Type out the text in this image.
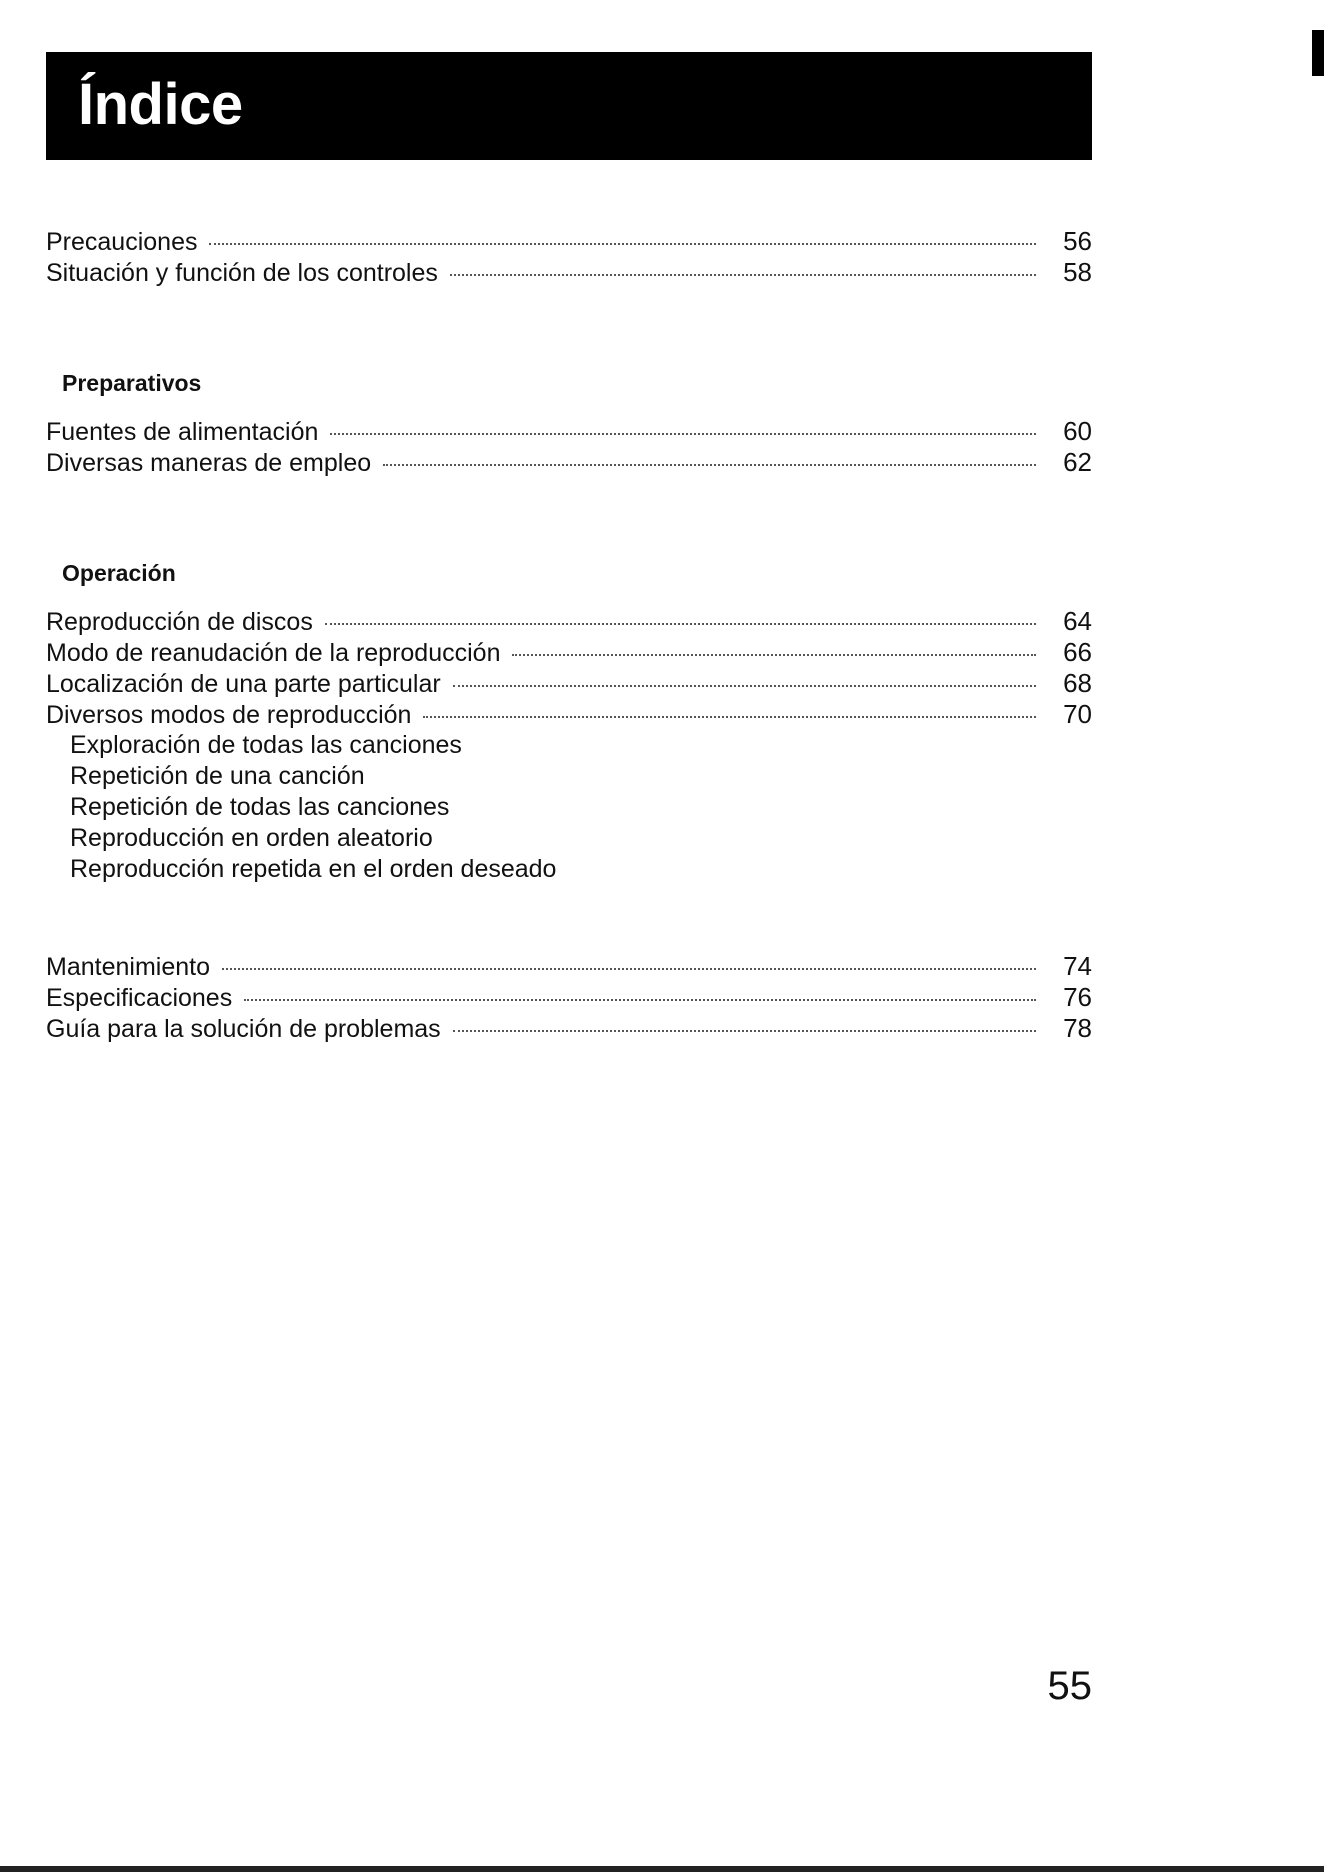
Índice
Precauciones	56
Situación y función de los controles	58
Preparativos
Fuentes de alimentación	60
Diversas maneras de empleo	62
Operación
Reproducción de discos	64
Modo de reanudación de la reproducción	66
Localización de una parte particular	68
Diversos modos de reproducción	70
Exploración de todas las canciones
Repetición de una canción
Repetición de todas las canciones
Reproducción en orden aleatorio
Reproducción repetida en el orden deseado
Mantenimiento	74
Especificaciones	76
Guía para la solución de problemas	78
55
